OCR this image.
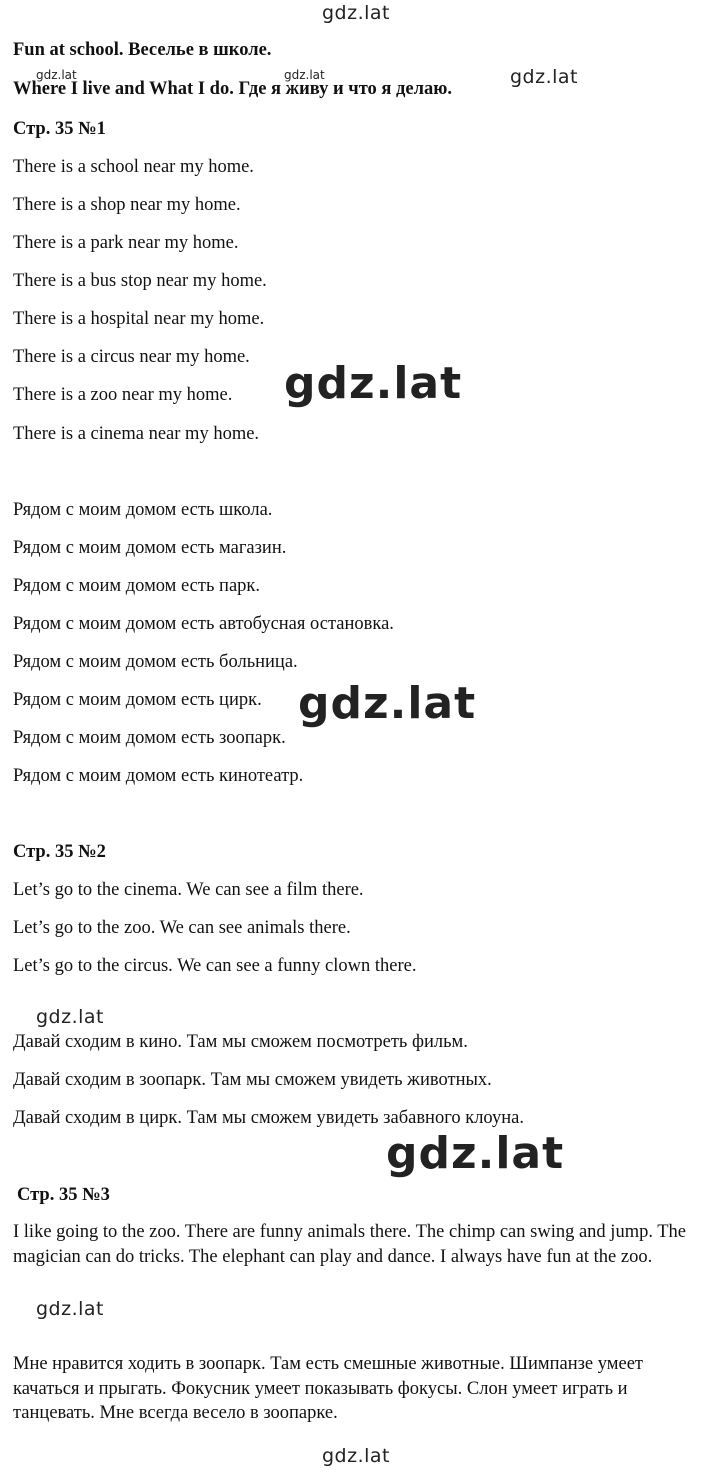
Fun at school. Веселье в школе.
Where I live and What I do. Где я живу и что я делаю.
Стр. 35 №1
There is a school near my home.
There is a shop near my home.
There is a park near my home.
There is a bus stop near my home.
There is a hospital near my home.
There is a circus near my home.
There is a zoo near my home.
There is a cinema near my home.
Рядом с моим домом есть школа.
Рядом с моим домом есть магазин.
Рядом с моим домом есть парк.
Рядом с моим домом есть автобусная остановка.
Рядом с моим домом есть больница.
Рядом с моим домом есть цирк.
Рядом с моим домом есть зоопарк.
Рядом с моим домом есть кинотеатр.
Стр. 35 №2
Let’s go to the cinema. We can see a film there.
Let’s go to the zoo. We can see animals there.
Let’s go to the circus. We can see a funny clown there.
Давай сходим в кино. Там мы сможем посмотреть фильм.
Давай сходим в зоопарк. Там мы сможем увидеть животных.
Давай сходим в цирк. Там мы сможем увидеть забавного клоуна.
Стр. 35 №3
I like going to the zoo. There are funny animals there. The chimp can swing and jump. The magician can do tricks. The elephant can play and dance. I always have fun at the zoo.
Мне нравится ходить в зоопарк. Там есть смешные животные. Шимпанзе умеет качаться и прыгать. Фокусник умеет показывать фокусы. Слон умеет играть и танцевать. Мне всегда весело в зоопарке.
gdz.lat
gdz.lat	gdz.lat	gdz.lat
gdz.lat
gdz.lat
gdz.lat
gdz.lat
gdz.lat
gdz.lat
